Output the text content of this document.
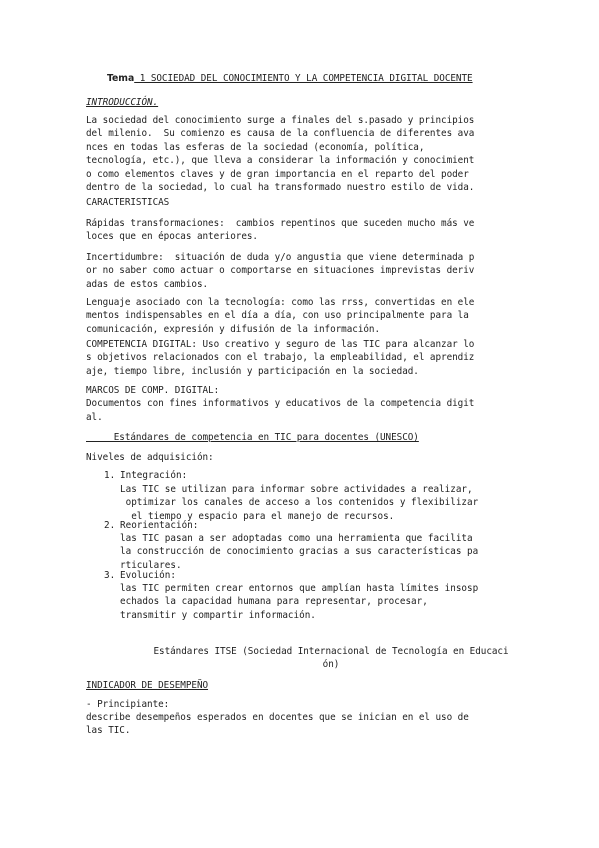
Tema 1 SOCIEDAD DEL CONOCIMIENTO Y LA COMPETENCIA DIGITAL DOCENTE
INTRODUCCIÓN.
La sociedad del conocimiento surge a finales del s.pasado y principios
del milenio.  Su comienzo es causa de la confluencia de diferentes avа
nces en todas las esferas de la sociedad (economía, política,
tecnología, etc.), que lleva a considerar la información y conocimient
o como elementos claves y de gran importancia en el reparto del poder
dentro de la sociedad, lo cual ha transformado nuestro estilo de vida.
CARACTERISTICAS
Rápidas transformaciones:  cambios repentinos que suceden mucho más ve
loces que en épocas anteriores.
Incertidumbre:  situación de duda y/o angustia que viene determinada p
or no saber como actuar o comportarse en situaciones imprevistas deriv
adas de estos cambios.
Lenguaje asociado con la tecnología: como las rrss, convertidas en ele
mentos indispensables en el día a día, con uso principalmente para la
comunicación, expresión y difusión de la información.
COMPETENCIA DIGITAL: Uso creativo y seguro de las TIC para alcanzar lo
s objetivos relacionados con el trabajo, la empleabilidad, el aprendiz
aje, tiempo libre, inclusión y participación en la sociedad.
MARCOS DE COMP. DIGITAL:
Documentos con fines informativos y educativos de la competencia digit
al.
Estándares de competencia en TIC para docentes (UNESCO)
Niveles de adquisición:
1. Integración:
Las TIC se utilizan para informar sobre actividades a realizar,
optimizar los canales de acceso a los contenidos y flexibilizar
el tiempo y espacio para el manejo de recursos.
2. Reorientación:
las TIC pasan a ser adoptadas como una herramienta que facilita
la construcción de conocimiento gracias a sus características pa
rticulares.
3. Evolución:
las TIC permiten crear entornos que amplían hasta límites insosp
echados la capacidad humana para representar, procesar,
transmitir y compartir información.
Estándares ITSE (Sociedad Internacional de Tecnología en Educaci
ón)
INDICADOR DE DESEMPEÑO
- Principiante:
describe desempeños esperados en docentes que se inician en el uso de
las TIC.
